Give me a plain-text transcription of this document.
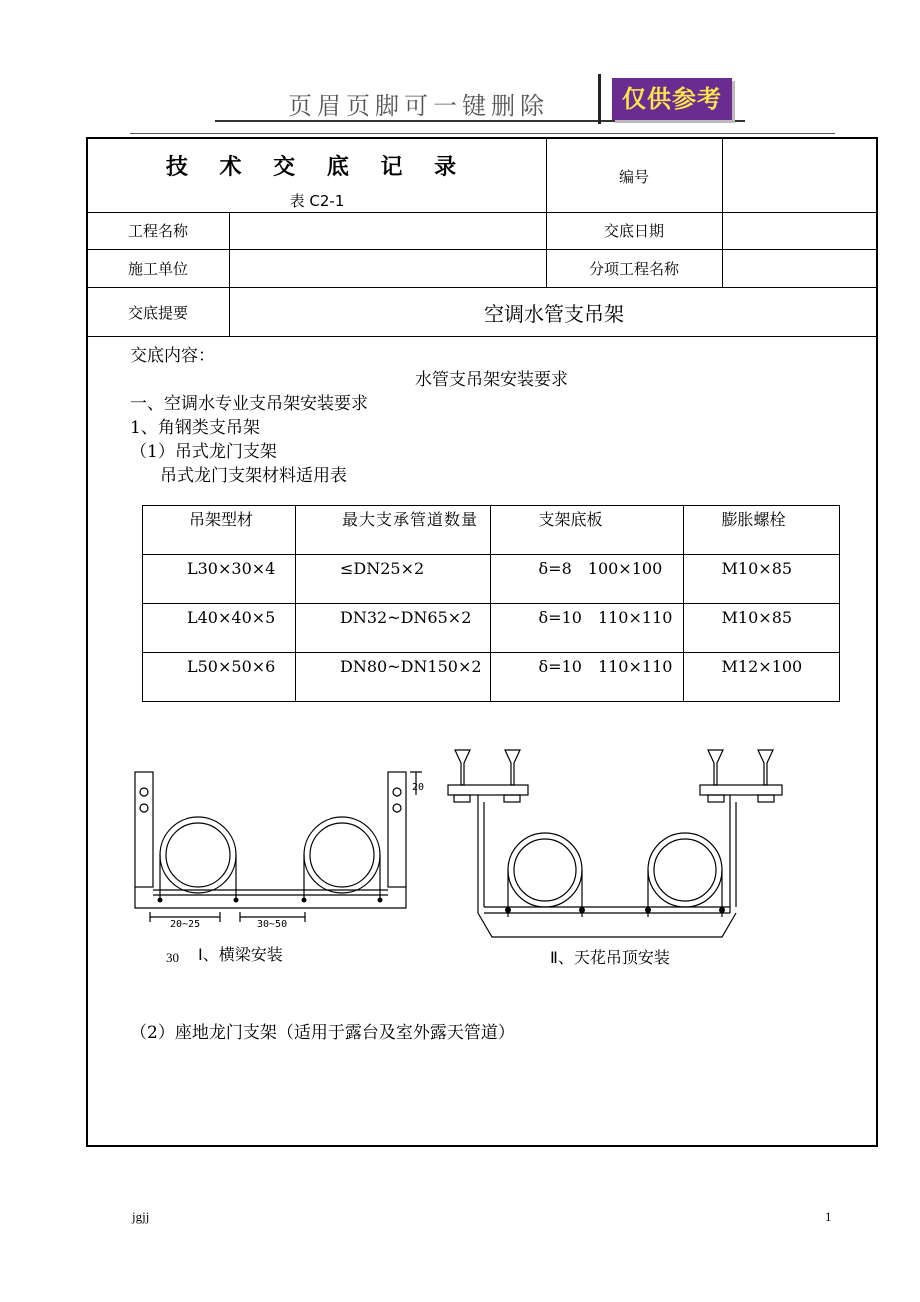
页眉页脚可一键删除	仅供参考
技 术 交 底 记 录
表 C2-1
编号
工程名称	交底日期
施工单位	分项工程名称
交底提要	空调水管支吊架
交底内容：
水管支吊架安装要求
一、空调水专业支吊架安装要求
1、角钢类支吊架
（1）吊式龙门支架
吊式龙门支架材料适用表
吊架型材	最大支承管道数量	支架底板	膨胀螺栓
L30×30×4	≤DN25×2	δ=8　100×100	M10×85
L40×40×5	DN32~DN65×2	δ=10　110×110	M10×85
L50×50×6	DN80~DN150×2	δ=10　110×110	M12×100
20~25	30~50
20
30 Ⅰ、横梁安装	Ⅱ、天花吊顶安装
（2）座地龙门支架（适用于露台及室外露天管道）
jgjj	1
